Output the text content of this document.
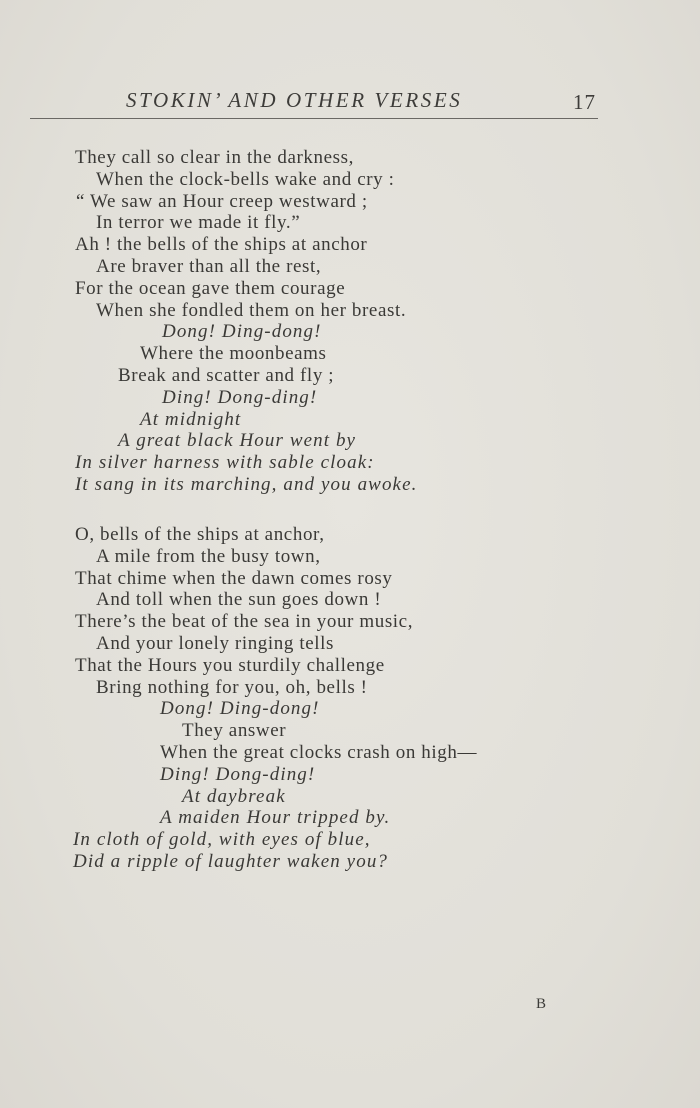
STOKIN’ AND OTHER VERSES	17
They call so clear in the darkness,
When the clock-bells wake and cry :
“ We saw an Hour creep westward ;
In terror we made it fly.”
Ah ! the bells of the ships at anchor
Are braver than all the rest,
For the ocean gave them courage
When she fondled them on her breast.
Dong! Ding-dong!
Where the moonbeams
Break and scatter and fly ;
Ding! Dong-ding!
At midnight
A great black Hour went by
In silver harness with sable cloak:
It sang in its marching, and you awoke.
O, bells of the ships at anchor,
A mile from the busy town,
That chime when the dawn comes rosy
And toll when the sun goes down !
There’s the beat of the sea in your music,
And your lonely ringing tells
That the Hours you sturdily challenge
Bring nothing for you, oh, bells !
Dong! Ding-dong!
They answer
When the great clocks crash on high—
Ding! Dong-ding!
At daybreak
A maiden Hour tripped by.
In cloth of gold, with eyes of blue,
Did a ripple of laughter waken you?
B
